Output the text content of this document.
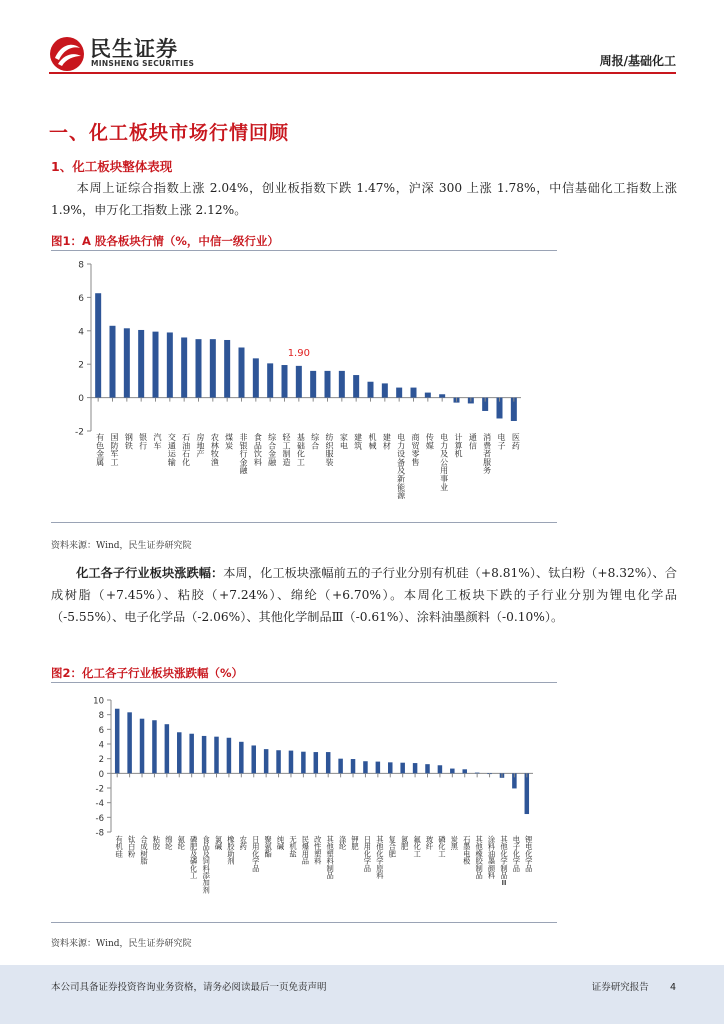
民生证券
MINSHENG SECURITIES	周报/基础化工
一、化工板块市场行情回顾
1、化工板块整体表现
本周上证综合指数上涨 2.04%，创业板指数下跌 1.47%，沪深 300 上涨 1.78%，中信基础化工指数上涨 1.9%，申万化工指数上涨 2.12%。
图1：A 股各板块行情（%，中信一级行业）
-2
0
2
4
6
8
有色金属
国防军工
钢铁
银行
汽车
交通运输
石油石化
房地产
农林牧渔
煤炭
非银行金融
食品饮料
综合金融
轻工制造
基础化工
综合
纺织服装
家电
建筑
机械
建材
电力设备及新能源
商贸零售
传媒
电力及公用事业
计算机
通信
消费者服务
电子
医药
1.90
资料来源：Wind，民生证券研究院
化工各子行业板块涨跌幅：本周，化工板块涨幅前五的子行业分别有机硅（+8.81%）、钛白粉（+8.32%）、合成树脂（+7.45%）、粘胶（+7.24%）、绵纶（+6.70%）。本周化工板块下跌的子行业分别为锂电化学品（-5.55%）、电子化学品（-2.06%）、其他化学制品Ⅲ（-0.61%）、涂料油墨颜料（-0.10%）。
图2：化工各子行业板块涨跌幅（%）
-8
-6
-4
-2
0
2
4
6
8
10
有机硅
钛白粉
合成树脂
粘胶
绵纶
氨纶
磷肥及磷化工
食品及饲料添加剂
氯碱
橡胶助剂
农药
日用化学品
聚氨酯
纯碱
无机盐
民爆用品
改性塑料
其他塑料制品
涤纶
钾肥
日用化学品
其他化学原料
复合肥
氮肥
氟化工
玻纤
磷化工
炭黑
石墨电极
其他橡胶制品
涂料油墨颜料
其他化学制品 Ⅲ
电子化学品
锂电化学品
资料来源：Wind，民生证券研究院
本公司具备证券投资咨询业务资格，请务必阅读最后一页免责声明	证券研究报告 4
